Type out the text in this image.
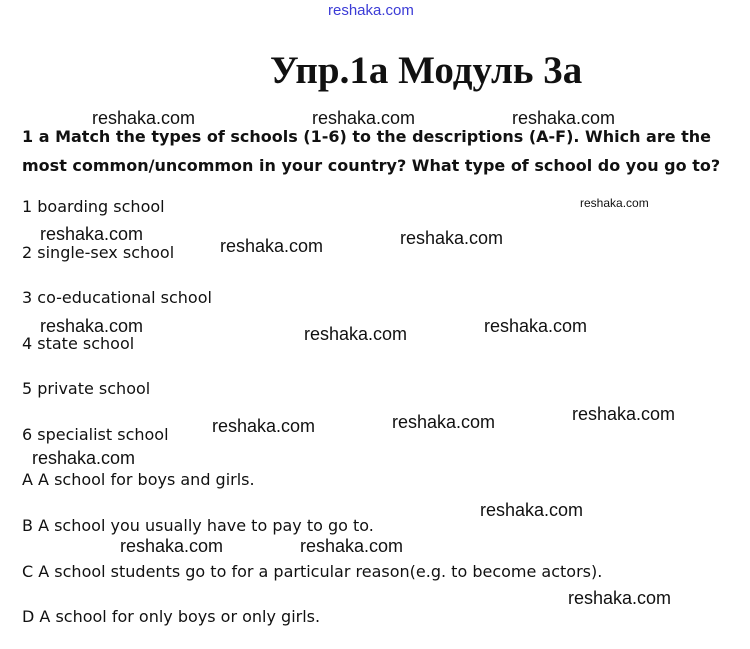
reshaka.com
Упр.1а Модуль 3а
1 a Match the types of schools (1-6) to the descriptions (A-F). Which are the most common/uncommon in your country? What type of school do you go to?
1 boarding school
2 single-sex school
3 co-educational school
4 state school
5 private school
6 specialist school
A A school for boys and girls.
B A school you usually have to pay to go to.
C A school students go to for a particular reason(e.g. to become actors).
D A school for only boys or only girls.
reshaka.com	reshaka.com	reshaka.com
reshaka.com
reshaka.com
reshaka.com	reshaka.com
reshaka.com	reshaka.com	reshaka.com
reshaka.com
reshaka.com	reshaka.com
reshaka.com
reshaka.com
reshaka.com	reshaka.com
reshaka.com
